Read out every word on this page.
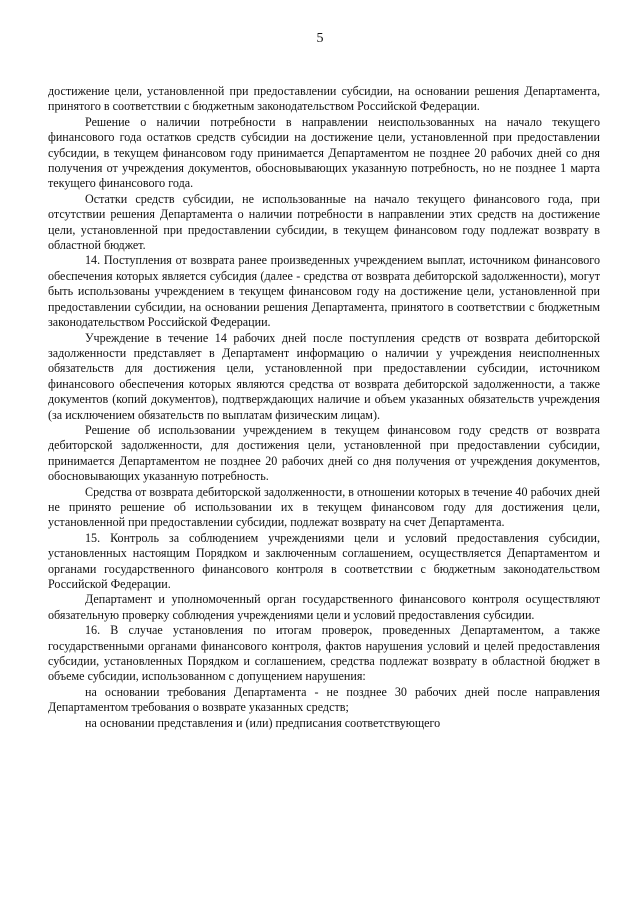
5

достижение цели, установленной при предоставлении субсидии, на основании решения Департамента, принятого в соответствии с бюджетным законодательством Российской Федерации.

Решение о наличии потребности в направлении неиспользованных на начало текущего финансового года остатков средств субсидии на достижение цели, установленной при предоставлении субсидии, в текущем финансовом году принимается Департаментом не позднее 20 рабочих дней со дня получения от учреждения документов, обосновывающих указанную потребность, но не позднее 1 марта текущего финансового года.

Остатки средств субсидии, не использованные на начало текущего финансового года, при отсутствии решения Департамента о наличии потребности в направлении этих средств на достижение цели, установленной при предоставлении субсидии, в текущем финансовом году подлежат возврату в областной бюджет.

14. Поступления от возврата ранее произведенных учреждением выплат, источником финансового обеспечения которых является субсидия (далее - средства от возврата дебиторской задолженности), могут быть использованы учреждением в текущем финансовом году на достижение цели, установленной при предоставлении субсидии, на основании решения Департамента, принятого в соответствии с бюджетным законодательством Российской Федерации.

Учреждение в течение 14 рабочих дней после поступления средств от возврата дебиторской задолженности представляет в Департамент информацию о наличии у учреждения неисполненных обязательств для достижения цели, установленной при предоставлении субсидии, источником финансового обеспечения которых являются средства от возврата дебиторской задолженности, а также документов (копий документов), подтверждающих наличие и объем указанных обязательств учреждения (за исключением обязательств по выплатам физическим лицам).

Решение об использовании учреждением в текущем финансовом году средств от возврата дебиторской задолженности, для достижения цели, установленной при предоставлении субсидии, принимается Департаментом не позднее 20 рабочих дней со дня получения от учреждения документов, обосновывающих указанную потребность.

Средства от возврата дебиторской задолженности, в отношении которых в течение 40 рабочих дней не принято решение об использовании их в текущем финансовом году для достижения цели, установленной при предоставлении субсидии, подлежат возврату на счет Департамента.

15. Контроль за соблюдением учреждениями цели и условий предоставления субсидии, установленных настоящим Порядком и заключенным соглашением, осуществляется Департаментом и органами государственного финансового контроля в соответствии с бюджетным законодательством Российской Федерации.

Департамент и уполномоченный орган государственного финансового контроля осуществляют обязательную проверку соблюдения учреждениями цели и условий предоставления субсидии.

16. В случае установления по итогам проверок, проведенных Департаментом, а также государственными органами финансового контроля, фактов нарушения условий и целей предоставления субсидии, установленных Порядком и соглашением, средства подлежат возврату в областной бюджет в объеме субсидии, использованном с допущением нарушения:

на основании требования Департамента - не позднее 30 рабочих дней после направления Департаментом требования о возврате указанных средств;

на основании представления и (или) предписания соответствующего
